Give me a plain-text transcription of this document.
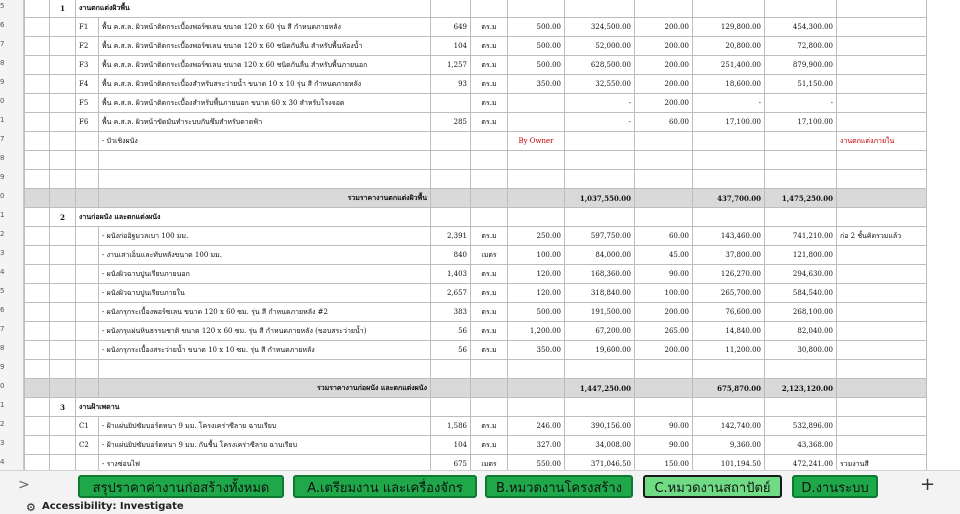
5
6
7
8
9
0
1
7
8
9
0
1
2
3
4
5
6
7
8
9
0
1
2
3
4
	1	งานตกแต่งผิวพื้น									
		F1	พื้น ค.ส.ล. ผิวหน้าติดกระเบื้องพอร์ซเลน ขนาด 120 x 60 รุ่น สี กำหนดภายหลัง	649	ตร.ม	500.00	324,500.00	200.00	129,800.00	454,300.00	
		F2	พื้น ค.ส.ล. ผิวหน้าติดกระเบื้องพอร์ซเลน ขนาด 120 x 60 ชนิดกันลื่น สำหรับพื้นห้องน้ำ	104	ตร.ม	500.00	52,000.00	200.00	20,800.00	72,800.00	
		F3	พื้น ค.ส.ล. ผิวหน้าติดกระเบื้องพอร์ซเลน ขนาด 120 x 60 ชนิดกันลื่น สำหรับพื้นภายนอก	1,257	ตร.ม	500.00	628,500.00	200.00	251,400.00	879,900.00	
		F4	พื้น ค.ส.ล. ผิวหน้าติดกระเบื้องสำหรับสระว่ายน้ำ ขนาด 10 x 10 รุ่น สี กำหนดภายหลัง	93	ตร.ม	350.00	32,550.00	200.00	18,600.00	51,150.00	
		F5	พื้น ค.ส.ล. ผิวหน้าติดกระเบื้องสำหรับพื้นภายนอก ขนาด 60 x 30 สำหรับโรงจอด		ตร.ม		-	200.00	-	-	
		F6	พื้น ค.ส.ล. ผิวหน้าขัดมันทำระบบกันซึมสำหรับดาดฟ้า	285	ตร.ม		-	60.00	17,100.00	17,100.00	
			- บัวเชิงผนัง			By Owner					งานตกแต่งภายใน

			รวมราคางานตกแต่งผิวพื้น				1,037,550.00		437,700.00	1,475,250.00	
	2	งานก่อผนัง และตกแต่งผนัง									
			- ผนังก่ออิฐมวลเบา 100 มม.	2,391	ตร.ม	250.00	597,750.00	60.00	143,460.00	741,210.00	ก่อ 2 ชั้นคิดรวมแล้ว
			- งานเสาเอ็นและทับหลังขนาด 100 มม.	840	เมตร	100.00	84,000.00	45.00	37,800.00	121,800.00	
			- ผนังผิวฉาบปูนเรียบภายนอก	1,403	ตร.ม	120.00	168,360.00	90.00	126,270.00	294,630.00	
			- ผนังผิวฉาบปูนเรียบภายใน	2,657	ตร.ม	120.00	318,840.00	100.00	265,700.00	584,540.00	
			- ผนังกรุกระเบื้องพอร์ซเลน ขนาด 120 x 60 ซม. รุ่น สี กำหนดภายหลัง #2	383	ตร.ม	500.00	191,500.00	200.00	76,600.00	268,100.00	
			- ผนังกรุแผ่นหินธรรมชาติ ขนาด 120 x 60 ซม. รุ่น สี กำหนดภายหลัง (ขอบสระว่ายน้ำ)	56	ตร.ม	1,200.00	67,200.00	265.00	14,840.00	82,040.00	
			- ผนังกรุกระเบื้องสระว่ายน้ำ ขนาด 10 x 10 ซม. รุ่น สี กำหนดภายหลัง	56	ตร.ม	350.00	19,600.00	200.00	11,200.00	30,800.00	

			รวมราคางานก่อผนัง และตกแต่งผนัง				1,447,250.00		675,870.00	2,123,120.00	
	3	งานฝ้าเพดาน									
		C1	- ฝ้าแผ่นยิปซัมบอร์ดหนา 9 มม. โครงเคร่าซีลาย ฉาบเรียบ	1,586	ตร.ม	246.00	390,156.00	90.00	142,740.00	532,896.00	
		C2	- ฝ้าแผ่นยิปซัมบอร์ดหนา 9 มม. กันชื้น โครงเคร่าซีลาย ฉาบเรียบ	104	ตร.ม	327.00	34,008.00	90.00	9,360.00	43,368.00	
			- รางซ่อนไฟ	675	เมตร	550.00	371,046.50	150.00	101,194.50	472,241.00	รวมงานสี

>	สรุปราคาค่างานก่อสร้างทั้งหมด	A.เตรียมงาน และเครื่องจักร	B.หมวดงานโครงสร้าง	C.หมวดงานสถาปัตย์	D.งานระบบ	+
⚙ Accessibility: Investigate
